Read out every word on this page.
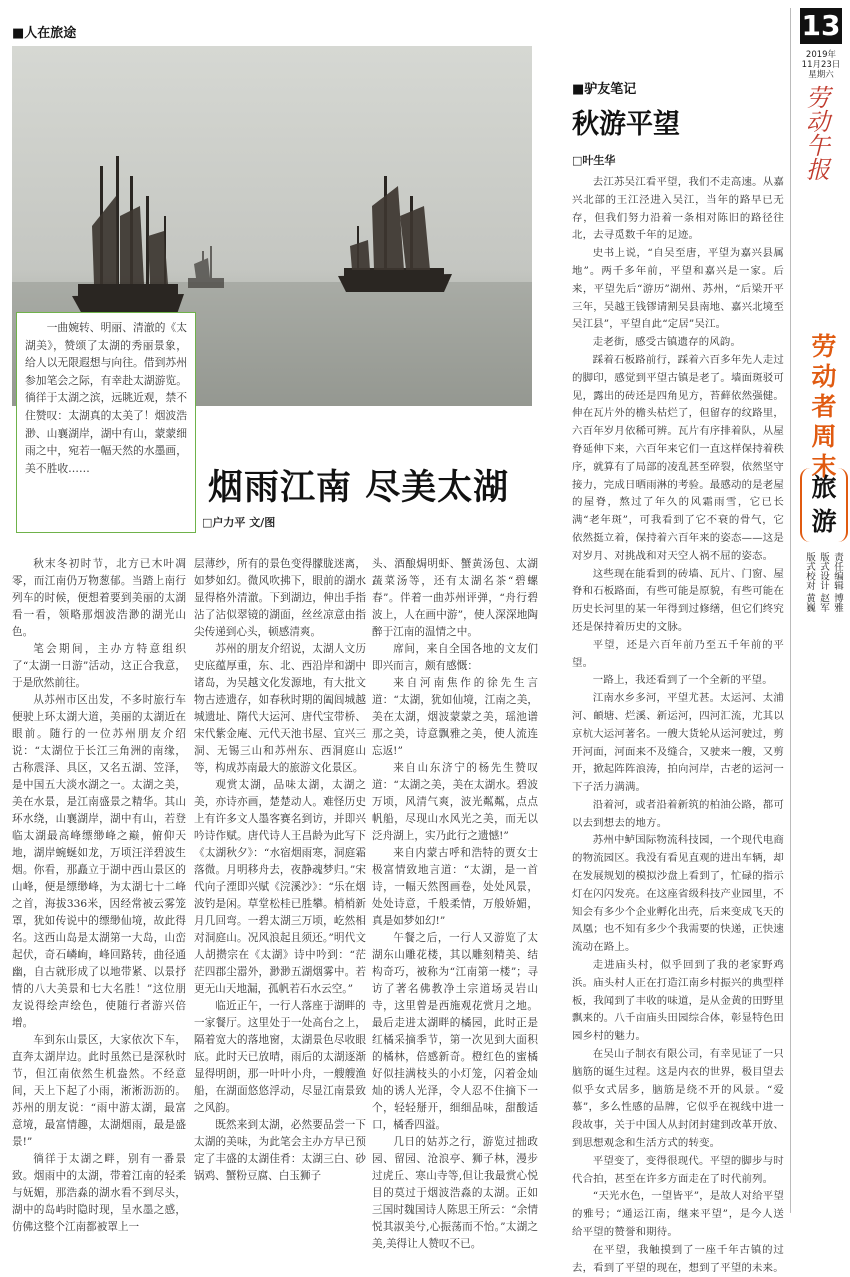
■人在旅途

一曲婉转、明丽、清澈的《太湖美》，赞颂了太湖的秀丽景象，给人以无限遐想与向往。借到苏州参加笔会之际，有幸赴太湖游览。徜徉于太湖之滨，远眺近观，禁不住赞叹：太湖真的太美了！烟波浩渺、山襄湖岸，湖中有山，蒙蒙细雨之中，宛若一幅天然的水墨画，美不胜收……	烟雨江南 尽美太湖
□户力平 文/图

秋末冬初时节，北方已木叶凋零，而江南仍万物葱郁。当踏上南行列车的时候，便想着要到美丽的太湖看一看，领略那烟波浩渺的湖光山色。

笔会期间，主办方特意组织了“太湖一日游”活动，这正合我意，于是欣然前往。

从苏州市区出发，不多时旅行车便驶上环太湖大道，美丽的太湖近在眼前。随行的一位苏州朋友介绍说：“太湖位于长江三角洲的南缘，古称震泽、具区，又名五湖、笠泽，是中国五大淡水湖之一。太湖之美，美在水景，是江南盛景之精华。其山环水绕，山襄湖岸，湖中有山，若登临太湖最高峰缥缈峰之巅，俯仰天地，湖岸蜿蜒如龙，万顷汪洋碧波生烟。你看，那矗立于湖中西山景区的山峰，便是缥缈峰，为太湖七十二峰之首，海拔336米，因经常被云雾笼罩，犹如传说中的缥缈仙境，故此得名。这西山岛是太湖第一大岛，山峦起伏，奇石嶙峋，峰回路转，曲径通幽，自古就形成了以地带紧、以景抒情的八大美景和七大名胜！”这位朋友说得绘声绘色，使随行者游兴倍增。

车到东山景区，大家依次下车，直奔太湖岸边。此时虽然已是深秋时节，但江南依然生机盎然。不经意间，天上下起了小雨，淅淅沥沥的。苏州的朋友说：“雨中游太湖，最富意境，最富情趣，太湖烟雨，最是盛景!”

徜徉于太湖之畔，别有一番景致。烟雨中的太湖，带着江南的轻柔与妩媚，那浩淼的湖水看不到尽头，湖中的岛屿时隐时现，呈水墨之感，仿佛这整个江南都被罩上一

层薄纱，所有的景色变得朦胧迷离，如梦如幻。微风吹拂下，眼前的湖水显得格外清澈。下到湖边，伸出手指沾了沾似翠镜的湖面，丝丝凉意由指尖传递到心头，顿感清爽。

苏州的朋友介绍说，太湖人文历史底蕴厚重，东、北、西沿岸和湖中诸岛，为吴越文化发源地，有大批文物古迹遗存，如春秋时期的阖闾城越城遗址、隋代大运河、唐代宝带桥、宋代紫金庵、元代天池书屋、宜兴三洞、无锡三山和苏州东、西洞庭山等，构成苏南最大的旅游文化景区。

观赏太湖，品味太湖，太湖之美，亦诗亦画，楚楚动人。难怪历史上有许多文人墨客赛名到访，并即兴吟诗作赋。唐代诗人王昌龄为此写下《太湖秋夕》：“水宿烟雨寒，洞庭霜落微。月明移舟去，夜静魂梦归。”宋代向子湮即兴赋《浣溪沙》：“乐在烟波钓是闲。草堂松桂已胜攀。梢梢新月几回弯。一碧太湖三万顷，屹然相对洞庭山。况风浪起且须还。”明代文人胡攒宗在《太湖》诗中吟到：“茫茫四郡尘嚣外，渺渺五湖烟雾中。若更无山天地漏，孤帆若石水云空。”

临近正午，一行人落座于湖畔的一家餐厅。这里处于一处高台之上，隔着宽大的落地窗，太湖景色尽收眼底。此时天已放晴，雨后的太湖逐渐显得明朗，那一叶叶小舟，一艘艘渔船，在湖面悠悠浮动，尽显江南景致之风韵。

既然来到太湖，必然要品尝一下太湖的美味，为此笔会主办方早已预定了丰盛的太湖佳肴：太湖三白、砂锅鸡、蟹粉豆腐、白玉狮子

头、酒酿焗明虾、蟹黄汤包、太湖蔬菜汤等，还有太湖名茶“碧螺春”。伴着一曲苏州评弹，“舟行碧波上，人在画中游”，使人深深地陶醉于江南的温情之中。

席间，来自全国各地的文友们即兴而言，颇有感慨：

来自河南焦作的徐先生言道：“太湖，犹如仙境，江南之美，美在太湖，烟波蒙蒙之美，瑶池谱那之美，诗意飘雅之美，使人流连忘返!”

来自山东济宁的杨先生赞叹道：“太湖之美，美在太湖水。碧波万顷，风清气爽，波光粼粼，点点帆船，尽现山水风光之美，而无以泛舟湖上，实乃此行之遗憾!”

来自内蒙古呼和浩特的贾女士极富情致地言道：“太湖，是一首诗，一幅天然图画卷，处处风景，处处诗意，千般柔情，万般娇媚，真是如梦如幻!”

午餐之后，一行人又游览了太湖东山雕花楼，其以雕刻精美、结构奇巧，被称为“江南第一楼”；寻访了著名佛教净土宗道场灵岩山寺，这里曾是西施观花赏月之地。最后走进太湖畔的橘园，此时正是红橘采摘季节，第一次见到大面积的橘林，倍感新奇。橙红色的蜜橘好似挂满枝头的小灯笼，闪着金灿灿的诱人光泽，令人忍不住摘下一个，轻轻掰开，细细品味，甜酸适口，橘香四溢。

几日的姑苏之行，游览过拙政园、留园、沧浪亭、狮子林，漫步过虎丘、寒山寺等,但让我最赏心悦目的莫过于烟波浩淼的太湖。正如三国时魏国诗人陈思王所云：“余情悦其淑美兮,心振荡而不怡。”太湖之美,美得让人赞叹不已。

■驴友笔记
秋游平望
□叶生华

去江苏吴江看平望，我们不走高速。从嘉兴北部的王江泾进入吴江，当年的路早已无存，但我们努力沿着一条相对陈旧的路径往北，去寻觅数千年的足迹。

史书上说，“自吴至唐，平望为嘉兴县属地”。两千多年前，平望和嘉兴是一家。后来，平望先后“游历”湖州、苏州，“后梁开平三年，吴越王钱镠请割吴县南地、嘉兴北境至吴江县”，平望自此“定居”吴江。

走老街，感受古镇遗存的风韵。

踩着石板路前行，踩着六百多年先人走过的脚印，感觉到平望古镇是老了。墙面斑驳可见，露出的砖还是四角见方，苔藓依然强健。伸在瓦片外的檐头枯烂了，但留存的纹路里，六百年岁月依稀可辨。瓦片有序排着队，从屋脊延伸下来，六百年来它们一直这样保持着秩序，就算有了局部的凌乱甚至碎裂，依然坚守接力，完成日晒雨淋的考验。最感动的是老屋的屋脊，熬过了年久的风霜雨雪，它已长满“老年斑”，可我看到了它不衰的骨气，它依然挺立着，保持着六百年来的姿态——这是对岁月、对挑战和对天空人祸不屈的姿态。

这些现在能看到的砖墙、瓦片、门窗、屋脊和石板路面，有些可能是原貌，有些可能在历史长河里的某一年得到过修缮，但它们终究还是保持着历史的文脉。

平望，还是六百年前乃至五千年前的平望。

一路上，我还看到了一个全新的平望。

江南水乡多河，平望尤甚。太运河、太浦河、頔塘、烂溪、新运河，四河汇流，尤其以京杭大运河著名。一艘大货轮从运河驶过，剪开河面，河面来不及缝合，又驶来一艘，又剪开，掀起阵阵浪涛，拍向河岸，古老的运河一下子活力满满。

沿着河，或者沿着新筑的柏油公路，都可以去到想去的地方。

苏州中鲈国际物流科技园，一个现代电商的物流园区。我没有看见直观的进出车辆，却在发展规划的模拟沙盘上看到了，忙碌的指示灯在闪闪发亮。在这座省级科技产业园里，不知会有多少个企业孵化出壳，后来变成飞天的凤凰；也不知有多少个我需要的快递，正快速流动在路上。

走进庙头村，似乎回到了我的老家野鸡浜。庙头村人正在打造江南乡村振兴的典型样板，我闻到了丰收的味道，是从金黄的田野里飘来的。八千亩庙头田园综合体，彰显特色田园乡村的魅力。

在吴山子制衣有限公司，有幸见证了一只脑筋的诞生过程。这是内衣的世界，极目望去似乎女式居多，脑筋是绕不开的风景。“爱慕”，多么性感的品牌，它似乎在视线中进一段故事，关于中国人从封闭封建到改革开放、到思想观念和生活方式的转变。

平望变了，变得很现代。平望的脚步与时代合拍，甚至在许多方面走在了时代前列。

“天光水色，一望皆平”，是故人对给平望的雅号；“通运江南，继来平望”，是今人送给平望的赞誉和期待。

在平望，我触摸到了一座千年古镇的过去，看到了平望的现在，想到了平望的未来。

13
2019年
11月23日
星期六
劳动午报
劳动者周末
旅游
责任编辑 博雅
版式设计 赵军
版式校对 黄巍
